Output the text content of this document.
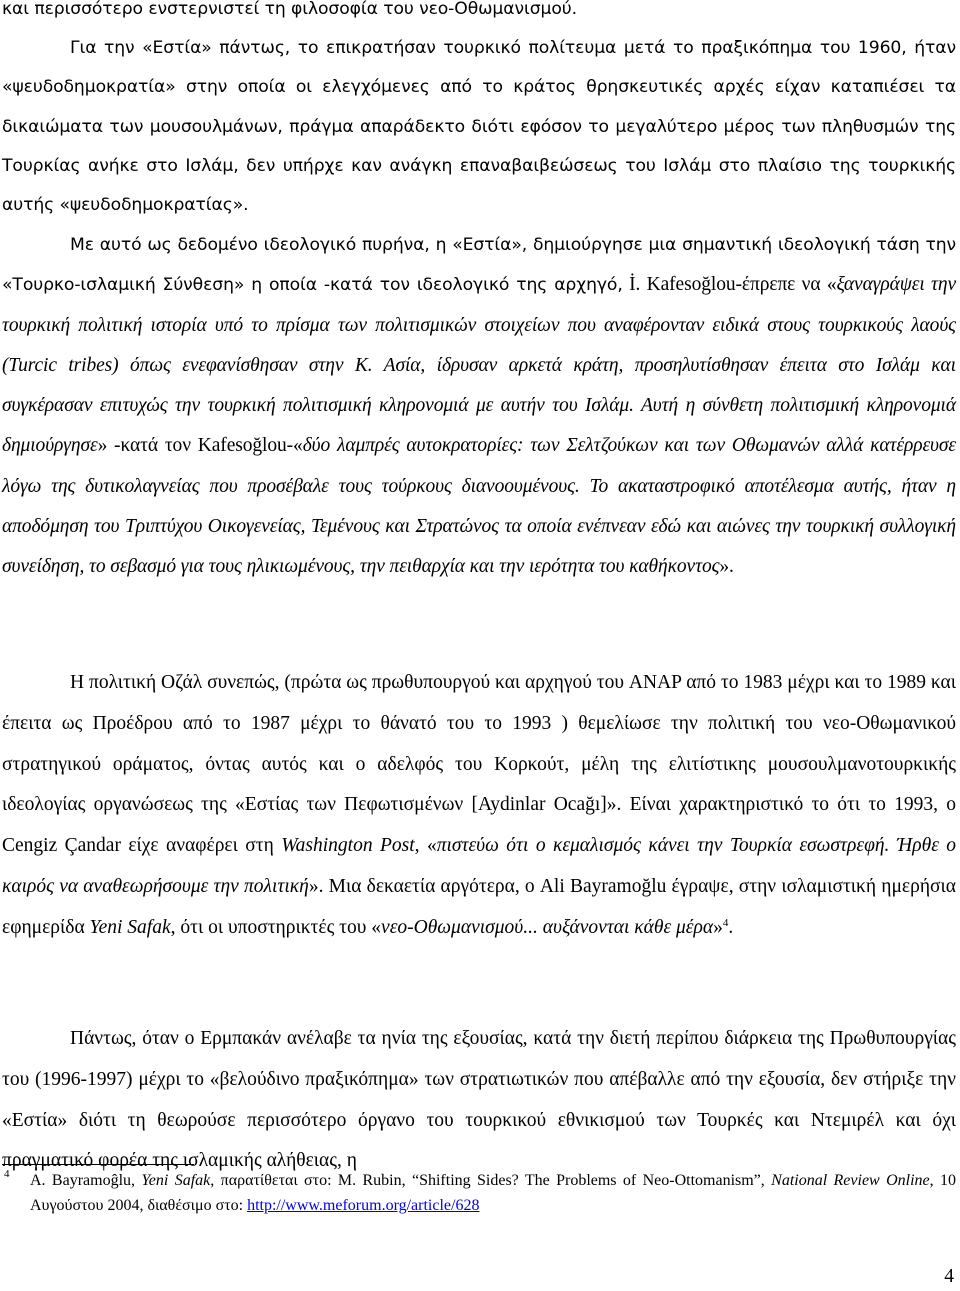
και περισσότερο ενστερνιστεί τη φιλοσοφία του νεο-Οθωμανισμού.

Για την «Εστία» πάντως, το επικρατήσαν τουρκικό πολίτευμα μετά το πραξικόπημα του 1960, ήταν «ψευδοδημοκρατία» στην οποία οι ελεγχόμενες από το κράτος θρησκευτικές αρχές είχαν καταπιέσει τα δικαιώματα των μουσουλμάνων, πράγμα απαράδεκτο διότι εφόσον το μεγαλύτερο μέρος των πληθυσμών της Τουρκίας ανήκε στο Ισλάμ, δεν υπήρχε καν ανάγκη επαναβαιβεώσεως του Ισλάμ στο πλαίσιο της τουρκικής αυτής «ψευδοδημοκρατίας».

Με αυτό ως δεδομένο ιδεολογικό πυρήνα, η «Εστία», δημιούργησε μια σημαντική ιδεολογική τάση την «Τουρκο-ισλαμική Σύνθεση» η οποία -κατά τον ιδεολογικό της αρχηγό, İ. Kafesoğlou-έπρεπε να «ξαναγράψει την τουρκική πολιτική ιστορία υπό το πρίσμα των πολιτισμικών στοιχείων που αναφέρονταν ειδικά στους τουρκικούς λαούς (Turcic tribes) όπως ενεφανίσθησαν στην Κ. Ασία, ίδρυσαν αρκετά κράτη, προσηλυτίσθησαν έπειτα στο Ισλάμ και συγκέρασαν επιτυχώς την τουρκική πολιτισμική κληρονομιά με αυτήν του Ισλάμ. Αυτή η σύνθετη πολιτισμική κληρονομιά δημιούργησε» -κατά τον Kafesoğlou-«δύο λαμπρές αυτοκρατορίες: των Σελτζούκων και των Οθωμανών αλλά κατέρρευσε λόγω της δυτικολαγνείας που προσέβαλε τους τούρκους διανοουμένους. Το ακαταστροφικό αποτέλεσμα αυτής, ήταν η αποδόμηση του Τριπτύχου Οικογενείας, Τεμένους και Στρατώνος τα οποία ενέπνεαν εδώ και αιώνες την τουρκική συλλογική συνείδηση, το σεβασμό για τους ηλικιωμένους, την πειθαρχία και την ιερότητα του καθήκοντος».

Η πολιτική Οζάλ συνεπώς, (πρώτα ως πρωθυπουργού και αρχηγού του ANAP από το 1983 μέχρι και το 1989 και έπειτα ως Προέδρου από το 1987 μέχρι το θάνατό του το 1993 ) θεμελίωσε την πολιτική του νεο-Οθωμανικού στρατηγικού οράματος, όντας αυτός και ο αδελφός του Κορκούτ, μέλη της ελιτίστικης μουσουλμανοτουρκικής ιδεολογίας οργανώσεως της «Εστίας των Πεφωτισμένων [Aydinlar Ocağı]». Είναι χαρακτηριστικό το ότι το 1993, ο Cengiz Çandar είχε αναφέρει στη Washington Post, «πιστεύω ότι ο κεμαλισμός κάνει την Τουρκία εσωστρεφή. Ήρθε ο καιρός να αναθεωρήσουμε την πολιτική». Μια δεκαετία αργότερα, ο Ali Bayramoğlu έγραψε, στην ισλαμιστική ημερήσια εφημερίδα Yeni Safak, ότι οι υποστηρικτές του «νεο-Οθωμανισμού... αυξάνονται κάθε μέρα»$^4$.

Πάντως, όταν ο Ερμπακάν ανέλαβε τα ηνία της εξουσίας, κατά την διετή περίπου διάρκεια της Πρωθυπουργίας του (1996-1997) μέχρι το «βελούδινο πραξικόπημα» των στρατιωτικών που απέβαλλε από την εξουσία, δεν στήριξε την «Εστία» διότι τη θεωρούσε περισσότερο όργανο του τουρκικού εθνικισμού των Τουρκές και Ντεμιρέλ και όχι πραγματικό φορέα της ισλαμικής αλήθειας, η

4 A. Bayramoĝlu, Yeni Safak, παρατίθεται στο: M. Rubin, “Shifting Sides? The Problems of Neo-Ottomanism”, National Review Online, 10 Αυγούστου 2004, διαθέσιμο στο: http://www.meforum.org/article/628

4
